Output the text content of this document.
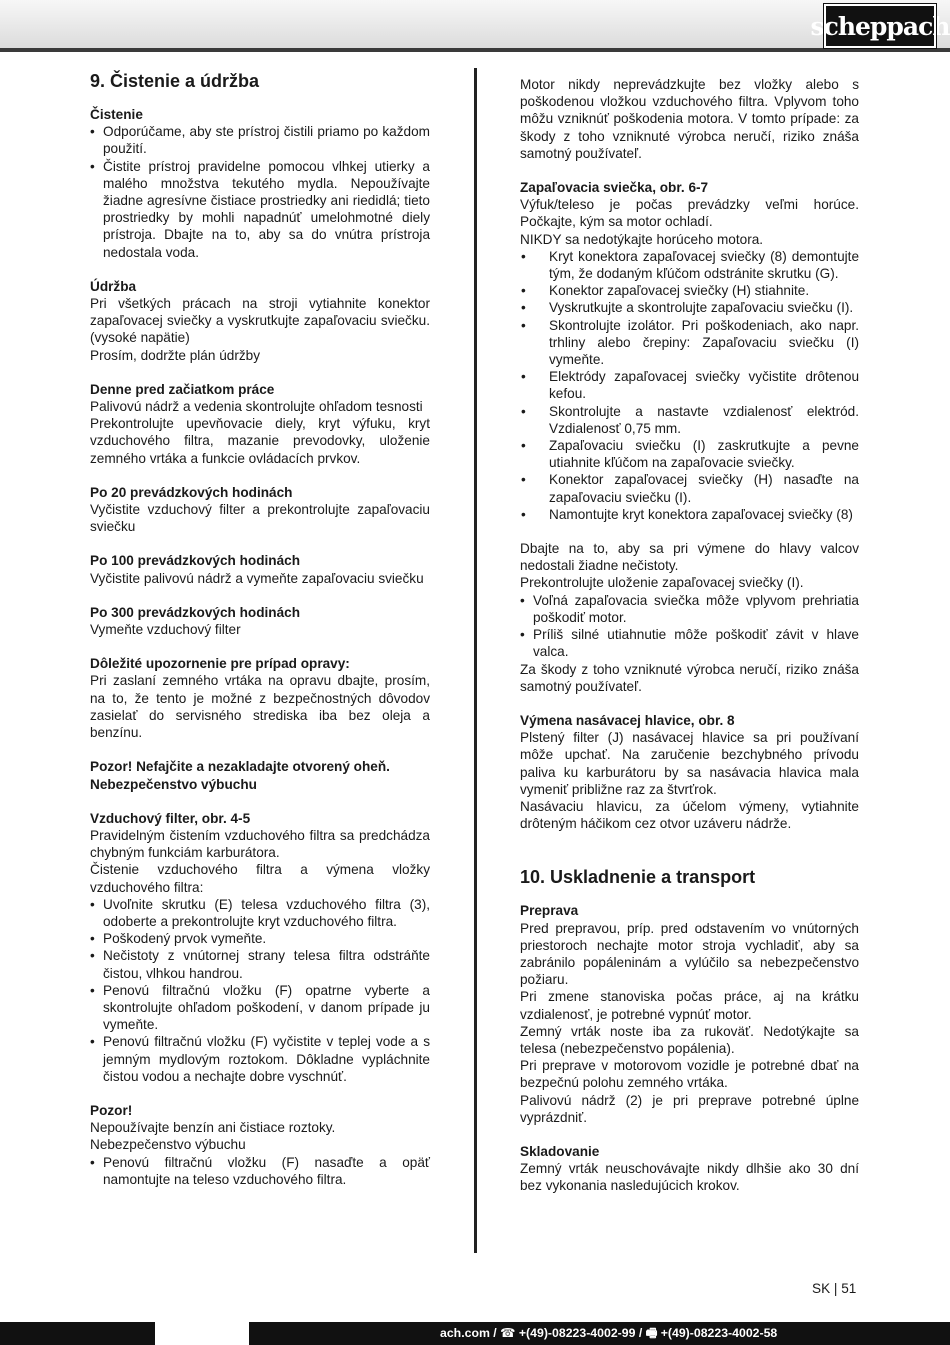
scheppach
9. Čistenie a údržba
Čistenie
• Odporúčame, aby ste prístroj čistili priamo po každom použití.
• Čistite prístroj pravidelne pomocou vlhkej utierky a malého množstva tekutého mydla. Nepoužívajte žiadne agresívne čistiace prostriedky ani riedidlá; tieto prostriedky by mohli napadnúť umelohmotné diely prístroja. Dbajte na to, aby sa do vnútra prístroja nedostala voda.
Údržba

Pri všetkých prácach na stroji vytiahnite konektor zapaľovacej sviečky a vyskrutkujte zapaľovaciu sviečku. (vysoké napätie)

Prosím, dodržte plán údržby

Denne pred začiatkom práce

Palivovú nádrž a vedenia skontrolujte ohľadom tesnosti

Prekontrolujte upevňovacie diely, kryt výfuku, kryt vzduchového filtra, mazanie prevodovky, uloženie zemného vrtáka a funkcie ovládacích prvkov.

Po 20 prevádzkových hodinách

Vyčistite vzduchový filter a prekontrolujte zapaľovaciu sviečku

Po 100 prevádzkových hodinách

Vyčistite palivovú nádrž a vymeňte zapaľovaciu sviečku

Po 300 prevádzkových hodinách

Vymeňte vzduchový filter

Dôležité upozornenie pre prípad opravy:

Pri zaslaní zemného vrtáka na opravu dbajte, prosím, na to, že tento je možné z bezpečnostných dôvodov zasielať do servisného strediska iba bez oleja a benzínu.

Pozor! Nefajčite a nezakladajte otvorený oheň.
Nebezpečenstvo výbuchu
Vzduchový filter, obr. 4-5

Pravidelným čistením vzduchového filtra sa predchádza chybným funkciám karburátora.

Čistenie vzduchového filtra a výmena vložky vzduchového filtra:

• Uvoľnite skrutku (E) telesa vzduchového filtra (3), odoberte a prekontrolujte kryt vzduchového filtra.
• Poškodený prvok vymeňte.
• Nečistoty z vnútornej strany telesa filtra odstráňte čistou, vlhkou handrou.
• Penovú filtračnú vložku (F) opatrne vyberte a skontrolujte ohľadom poškodení, v danom prípade ju vymeňte.
• Penovú filtračnú vložku (F) vyčistite v teplej vode a s jemným mydlovým roztokom. Dôkladne vypláchnite čistou vodou a nechajte dobre vyschnúť.
Pozor!

Nepoužívajte benzín ani čistiace roztoky.

Nebezpečenstvo výbuchu

• Penovú filtračnú vložku (F) nasaďte a opäť namontujte na teleso vzduchového filtra.

Motor nikdy neprevádzkujte bez vložky alebo s poškodenou vložkou vzduchového filtra. Vplyvom toho môžu vzniknúť poškodenia motora. V tomto prípade: za škody z toho vzniknuté výrobca neručí, riziko znáša samotný používateľ.

Zapaľovacia sviečka, obr. 6-7

Výfuk/teleso je počas prevádzky veľmi horúce. Počkajte, kým sa motor ochladí.

NIKDY sa nedotýkajte horúceho motora.

• Kryt konektora zapaľovacej sviečky (8) demontujte tým, že dodaným kľúčom odstránite skrutku (G).
• Konektor zapaľovacej sviečky (H) stiahnite.
• Vyskrutkujte a skontrolujte zapaľovaciu sviečku (I).
• Skontrolujte izolátor. Pri poškodeniach, ako napr. trhliny alebo črepiny: Zapaľovaciu sviečku (I) vymeňte.
• Elektródy zapaľovacej sviečky vyčistite drôtenou kefou.
• Skontrolujte a nastavte vzdialenosť elektród. Vzdialenosť 0,75 mm.
• Zapaľovaciu sviečku (I) zaskrutkujte a pevne utiahnite kľúčom na zapaľovacie sviečky.
• Konektor zapaľovacej sviečky (H) nasaďte na zapaľovaciu sviečku (I).
• Namontujte kryt konektora zapaľovacej sviečky (8)

Dbajte na to, aby sa pri výmene do hlavy valcov nedostali žiadne nečistoty.

Prekontrolujte uloženie zapaľovacej sviečky (I).

• Voľná zapaľovacia sviečka môže vplyvom prehriatia poškodiť motor.
• Príliš silné utiahnutie môže poškodiť závit v hlave valca.

Za škody z toho vzniknuté výrobca neručí, riziko znáša samotný používateľ.

Výmena nasávacej hlavice, obr. 8

Plstený filter (J) nasávacej hlavice sa pri používaní môže upchať. Na zaručenie bezchybného prívodu paliva ku karburátoru by sa nasávacia hlavica mala vymeniť približne raz za štvrťrok.

Nasávaciu hlavicu, za účelom výmeny, vytiahnite drôteným háčikom cez otvor uzáveru nádrže.

10. Uskladnenie a transport
Preprava

Pred prepravou, príp. pred odstavením vo vnútorných priestoroch nechajte motor stroja vychladiť, aby sa zabránilo popáleninám a vylúčilo sa nebezpečenstvo požiaru.

Pri zmene stanoviska počas práce, aj na krátku vzdialenosť, je potrebné vypnúť motor.

Zemný vrták noste iba za rukoväť. Nedotýkajte sa telesa (nebezpečenstvo popálenia).

Pri preprave v motorovom vozidle je potrebné dbať na bezpečnú polohu zemného vrtáka.

Palivovú nádrž (2) je pri preprave potrebné úplne vyprázdniť.

Skladovanie

Zemný vrták neuschovávajte nikdy dlhšie ako 30 dní bez vykonania nasledujúcich krokov.

SK | 51
ach.com / ☎ +(49)-08223-4002-99 / 🖷 +(49)-08223-4002-58
